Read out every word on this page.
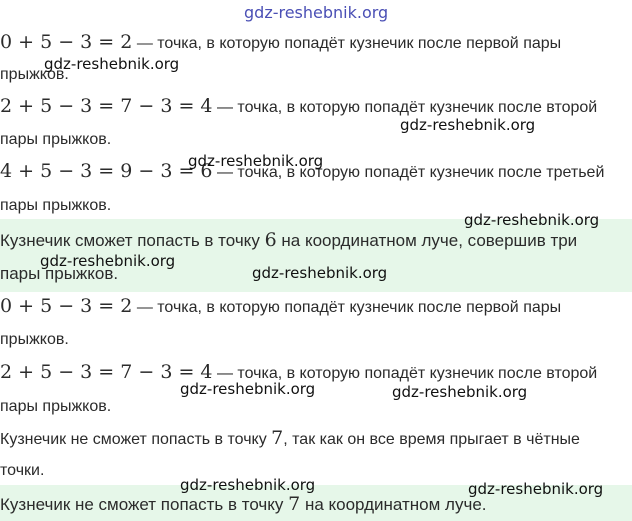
0 + 5 − 3 = 2 — точка, в которую попадёт кузнечик после первой пары
прыжков.
2 + 5 − 3 = 7 − 3 = 4 — точка, в которую попадёт кузнечик после второй
пары прыжков.
4 + 5 − 3 = 9 − 3 = 6 — точка, в которую попадёт кузнечик после третьей
пары прыжков.
Кузнечик сможет попасть в точку 6 на координатном луче, совершив три
пары прыжков.
0 + 5 − 3 = 2 — точка, в которую попадёт кузнечик после первой пары
прыжков.
2 + 5 − 3 = 7 − 3 = 4 — точка, в которую попадёт кузнечик после второй
пары прыжков.
Кузнечик не сможет попасть в точку 7, так как он все время прыгает в чётные
точки.
Кузнечик не сможет попасть в точку 7 на координатном луче.
gdz-reshebnik.org
gdz-reshebnik.org
gdz-reshebnik.org
gdz-reshebnik.org
gdz-reshebnik.org
gdz-reshebnik.org
gdz-reshebnik.org
gdz-reshebnik.org	gdz-reshebnik.org
gdz-reshebnik.org	gdz-reshebnik.org
